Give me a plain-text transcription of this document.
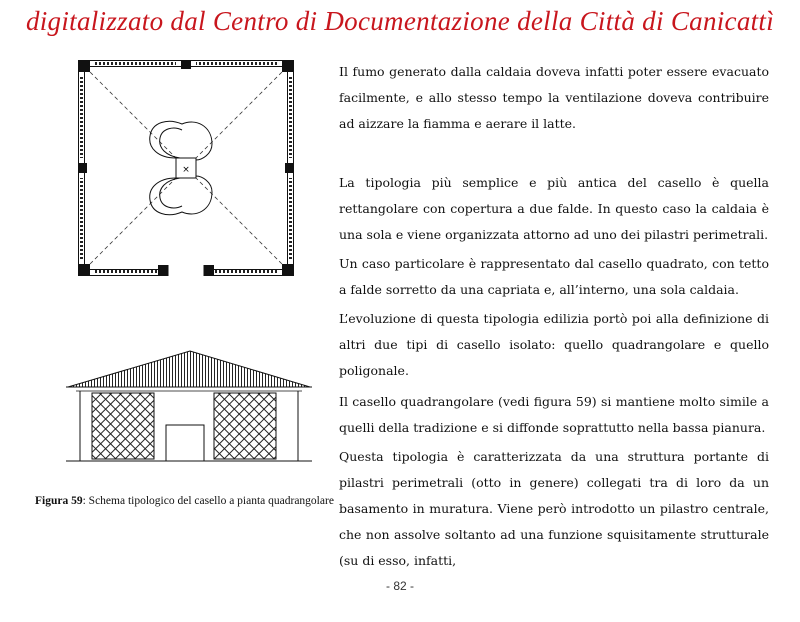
digitalizzato dal Centro di Documentazione della Città di Canicattì
×
Figura 59: Schema tipologico del casello a pianta quadrangolare

Il fumo generato dalla caldaia doveva infatti poter essere evacuato facilmente, e allo stesso tempo la ventilazione doveva contribuire ad aizzare la fiamma e aerare il latte.

La tipologia più semplice e più antica del casello è quella rettangolare con copertura a due falde. In questo caso la caldaia è una sola e viene organizzata attorno ad uno dei pilastri perimetrali.

Un caso particolare è rappresentato dal casello quadrato, con tetto a falde sorretto da una capriata e, all’interno, una sola caldaia.

L’evoluzione di questa tipologia edilizia portò poi alla definizione di altri due tipi di casello isolato: quello quadrangolare e quello poligonale.

Il casello quadrangolare (vedi figura 59) si mantiene molto simile a quelli della tradizione e si diffonde soprattutto nella bassa pianura.

Questa tipologia è caratterizzata da una struttura portante di pilastri perimetrali (otto in genere) collegati tra di loro da un basamento in muratura. Viene però introdotto un pilastro centrale, che non assolve soltanto ad una funzione squisitamente strutturale (su di esso, infatti,

- 82 -
